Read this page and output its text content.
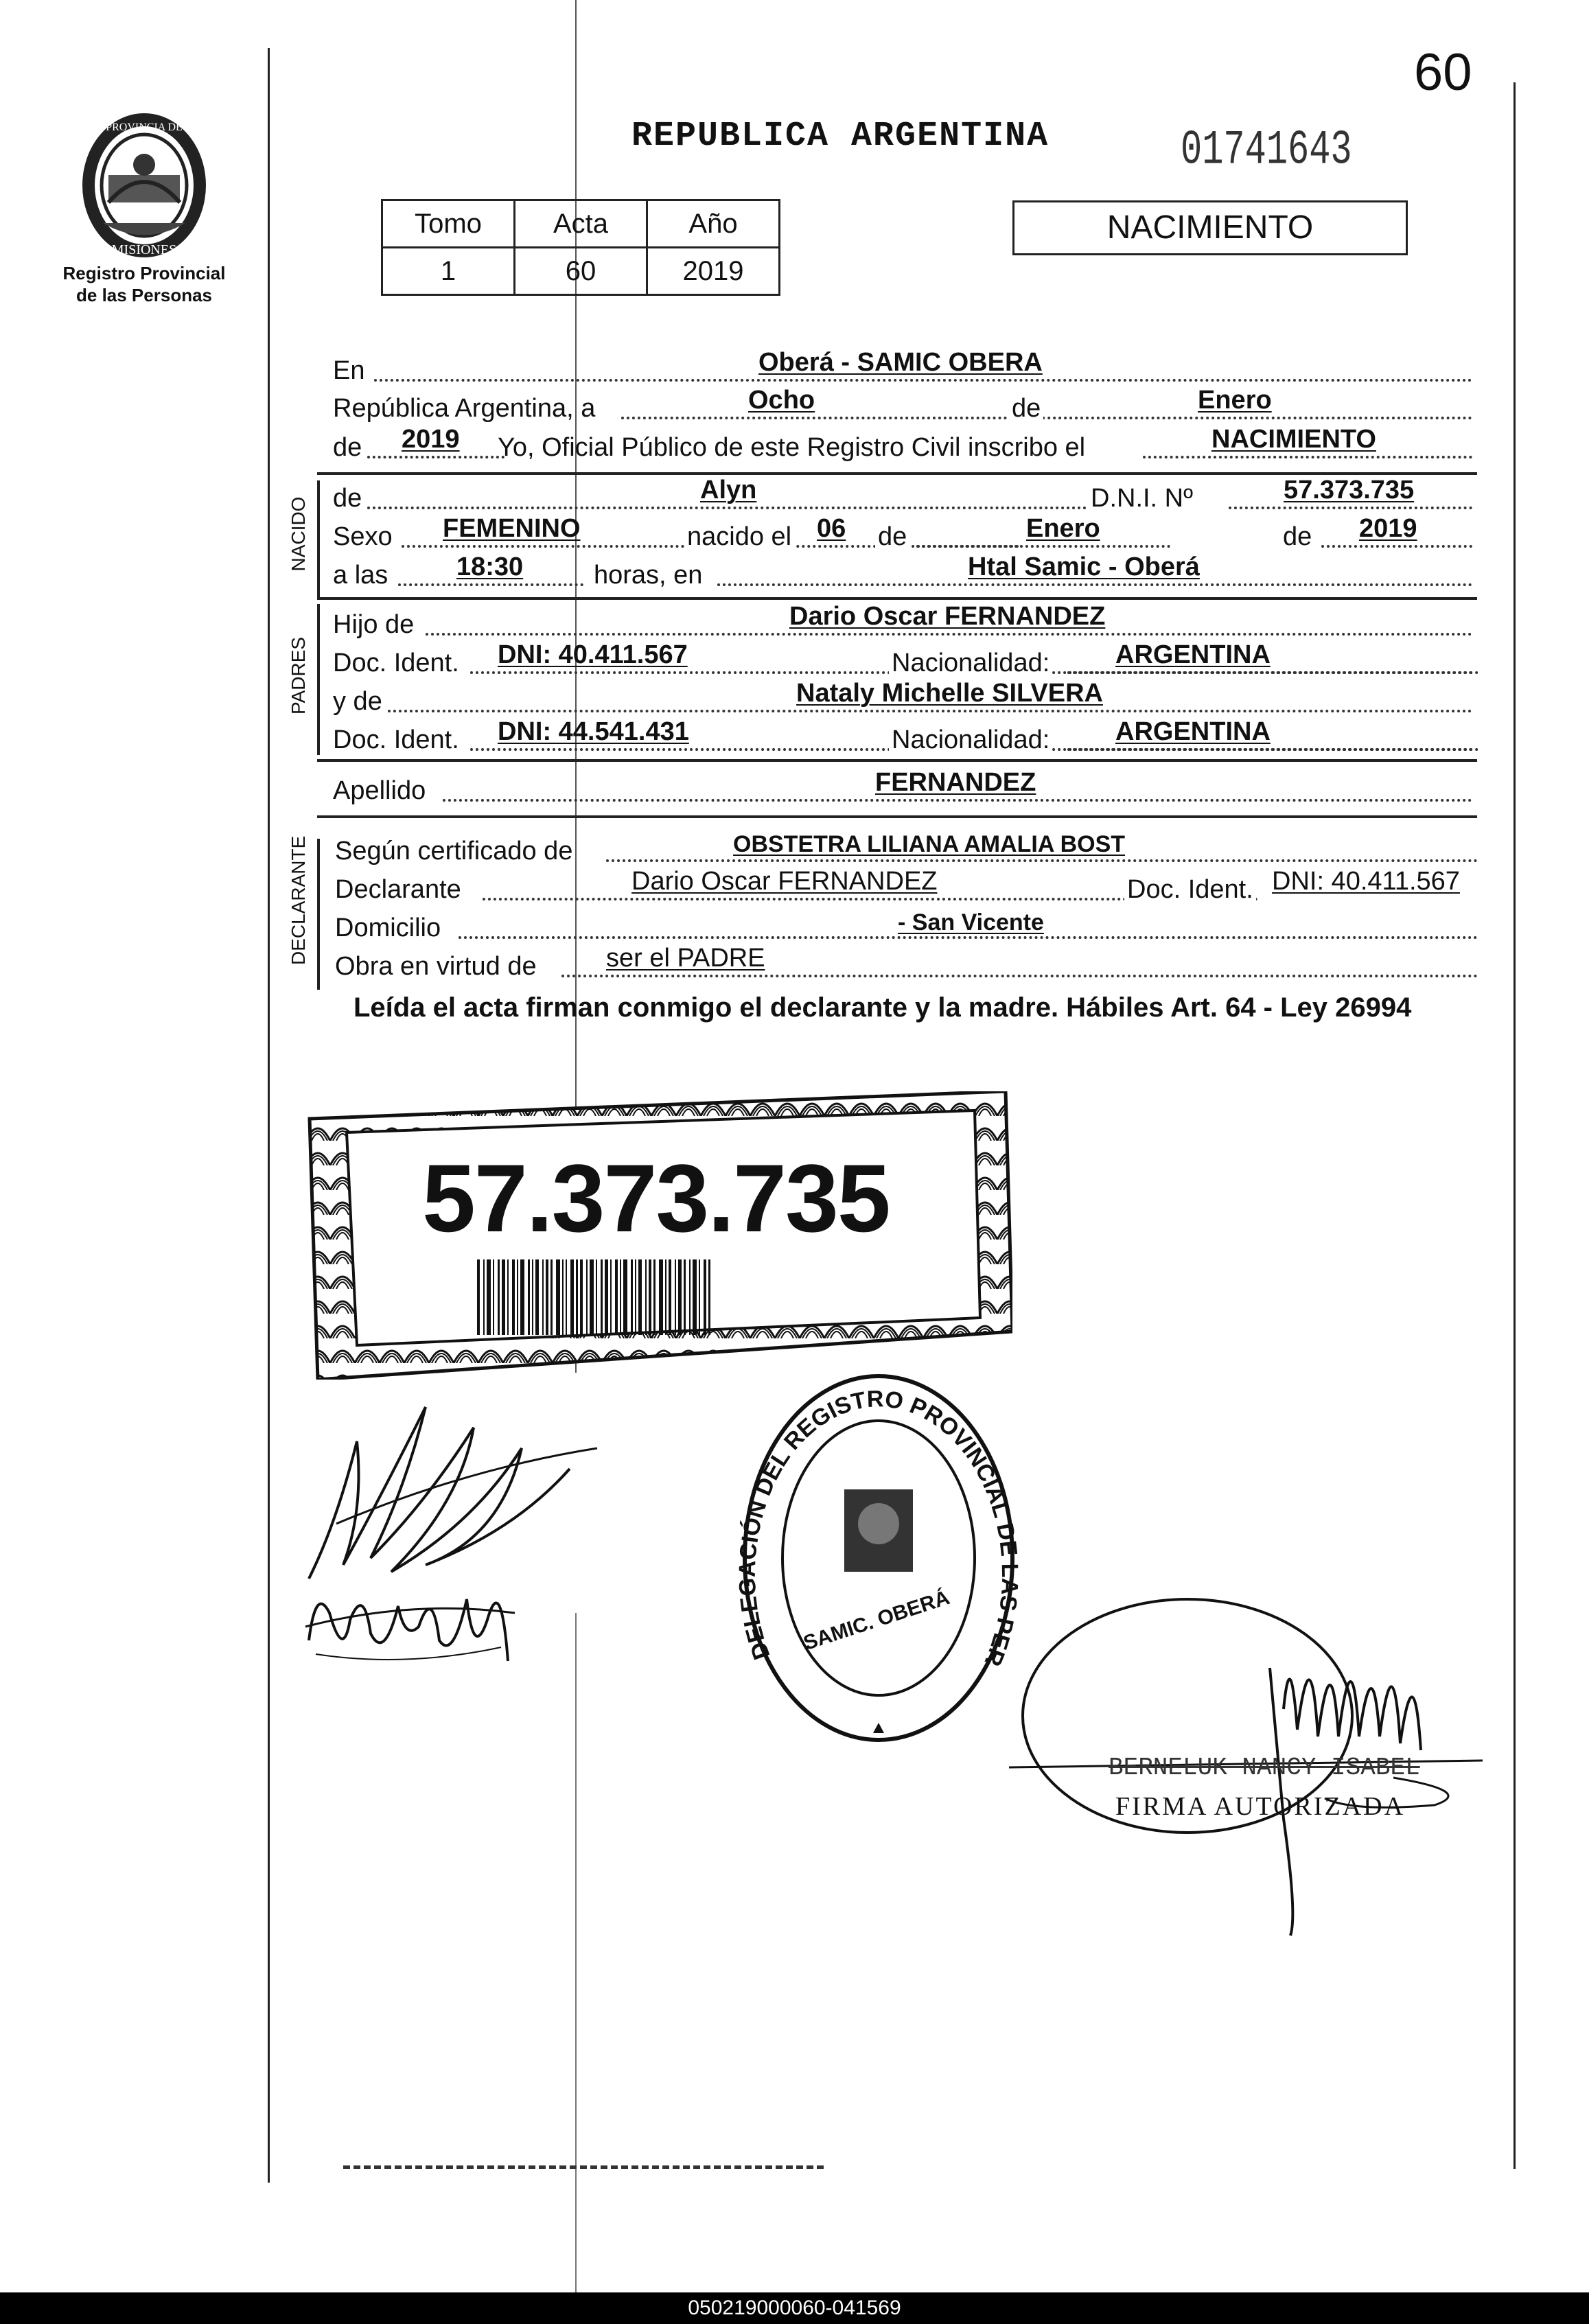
60
REPUBLICA ARGENTINA	01741643
PROVINCIA DE
MISIONES
Registro Provincial
de las Personas
Tomo	Acta	Año
1	60	2019
NACIMIENTO
En	Oberá - SAMIC OBERA
República Argentina, a	Ocho	de	Enero
de 2019 Yo, Oficial Público de este Registro Civil inscribo el	NACIMIENTO
NACIDO de	Alyn	D.N.I. Nº	57.373.735
Sexo FEMENINO	nacido el 06 de	Enero	de 2019
a las	18:30	horas, en	Htal Samic - Oberá
PADRES
Hijo de	Dario Oscar FERNANDEZ
Doc. Ident. DNI: 40.411.567	Nacionalidad:	ARGENTINA
y de	Nataly Michelle SILVERA
Doc. Ident. DNI: 44.541.431	Nacionalidad:	ARGENTINA
Apellido	FERNANDEZ
DECLARANTE Según certificado de	OBSTETRA LILIANA AMALIA BOST
Declarante	Dario Oscar FERNANDEZ	Doc. Ident. DNI: 40.411.567
Domicilio	- San Vicente
Obra en virtud de	ser el PADRE
Leída el acta firman conmigo el declarante y la madre. Hábiles Art. 64 - Ley 26994
57.373.735
BERNELUK NANCY ISABEL
FIRMA AUTORIZADA
DELEGACIÓN DEL REGISTRO PROVINCIAL DE LAS PER
SAMIC. OBERÁ
050219000060-041569
